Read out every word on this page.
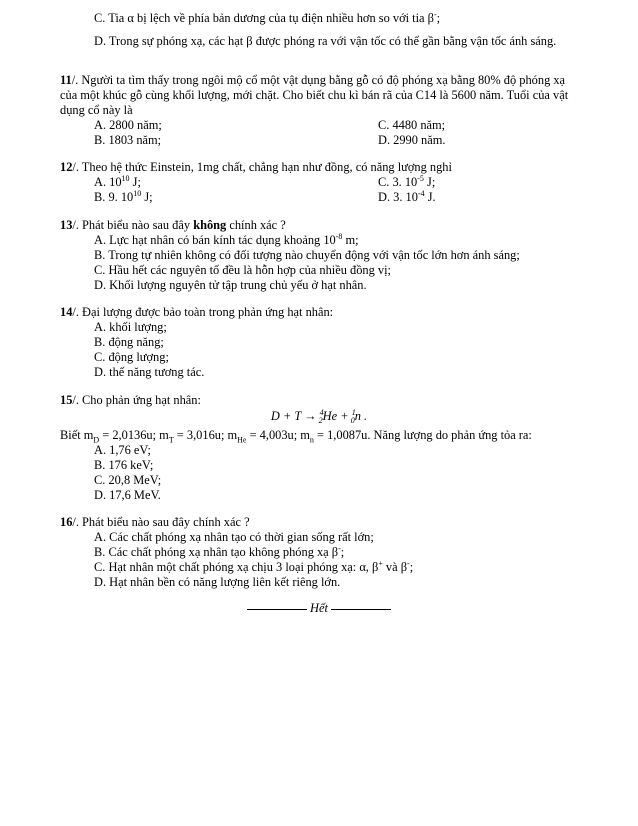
C. Tia α bị lệch về phía bản dương của tụ điện nhiều hơn so với tia β-;
D. Trong sự phóng xạ, các hạt β được phóng ra với vận tốc có thể gần bằng vận tốc ánh sáng.
11/. Người ta tìm thấy trong ngôi mộ cổ một vật dụng bằng gỗ có độ phóng xạ bằng 80% độ phóng xạ
của một khúc gỗ cùng khối lượng, mới chặt. Cho biết chu kì bán rã của C14 là 5600 năm. Tuổi của vật
dụng cổ này là
A. 2800 năm;	C. 4480 năm;
B. 1803 năm;	D. 2990 năm.
12/. Theo hệ thức Einstein, 1mg chất, chẳng hạn như đồng, có năng lượng nghỉ
A. $10^{10}$ J;	C. 3. $10^{-5}$ J;
B. 9. $10^{10}$ J;	D. 3. $10^{-4}$ J.
13/. Phát biểu nào sau đây không chính xác ?
A. Lực hạt nhân có bán kính tác dụng khoảng $10^{-8}$ m;
B. Trong tự nhiên không có đối tượng nào chuyển động với vận tốc lớn hơn ánh sáng;
C. Hầu hết các nguyên tố đều là hỗn hợp của nhiều đồng vị;
D. Khối lượng nguyên tử tập trung chủ yếu ở hạt nhân.
14/. Đại lượng được bảo toàn trong phản ứng hạt nhân:
A. khối lượng;
B. động năng;
C. động lượng;
D. thế năng tương tác.
15/. Cho phản ứng hạt nhân:
D + T → $^4_2$He + $^1_0$n .
Biết $m_D = 2,0136u$; $m_T = 3,016u$; $m_{He} = 4,003u$; $m_n = 1,0087u$. Năng lượng do phản ứng tỏa ra:
A. 1,76 eV;
B. 176 keV;
C. 20,8 MeV;
D. 17,6 MeV.
16/. Phát biểu nào sau đây chính xác ?
A. Các chất phóng xạ nhân tạo có thời gian sống rất lớn;
B. Các chất phóng xạ nhân tạo không phóng xạ β-;
C. Hạt nhân một chất phóng xạ chịu 3 loại phóng xạ: α, β+ và β-;
D. Hạt nhân bền có năng lượng liên kết riêng lớn.
Hết
